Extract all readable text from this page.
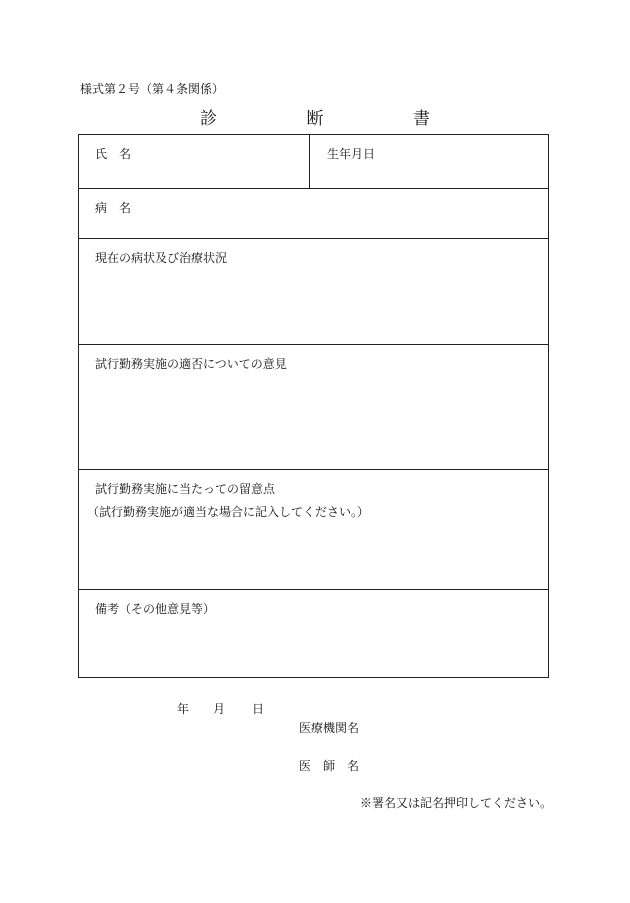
様式第２号（第４条関係）
診	断	書
氏　名	生年月日
病　名
現在の病状及び治療状況
試行勤務実施の適否についての意見
試行勤務実施に当たっての留意点
（試行勤務実施が適当な場合に記入してください。）
備考（その他意見等）
年 月 日
医療機関名
医　師　名
※署名又は記名押印してください。
